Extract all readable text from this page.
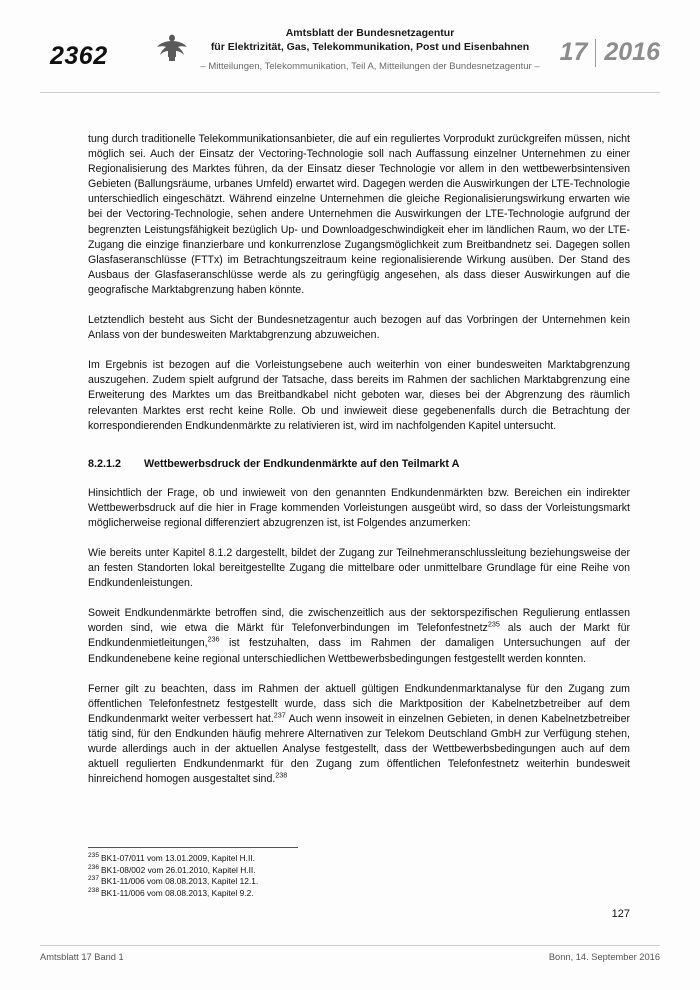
2362
Amtsblatt der Bundesnetzagentur
für Elektrizität, Gas, Telekommunikation, Post und Eisenbahnen
– Mitteilungen, Telekommunikation, Teil A, Mitteilungen der Bundesnetzagentur –
17 2016

tung durch traditionelle Telekommunikationsanbieter, die auf ein reguliertes Vorprodukt zurückgreifen müssen, nicht möglich sei. Auch der Einsatz der Vectoring-Technologie soll nach Auffassung einzelner Unternehmen zu einer Regionalisierung des Marktes führen, da der Einsatz dieser Technologie vor allem in den wettbewerbsintensiven Gebieten (Ballungsräume, urbanes Umfeld) erwartet wird. Dagegen werden die Auswirkungen der LTE-Technologie unterschiedlich eingeschätzt. Während einzelne Unternehmen die gleiche Regionalisierungswirkung erwarten wie bei der Vectoring-Technologie, sehen andere Unternehmen die Auswirkungen der LTE-Technologie aufgrund der begrenzten Leistungsfähigkeit bezüglich Up- und Downloadgeschwindigkeit eher im ländlichen Raum, wo der LTE-Zugang die einzige finanzierbare und konkurrenzlose Zugangsmöglichkeit zum Breitbandnetz sei. Dagegen sollen Glasfaseranschlüsse (FTTx) im Betrachtungszeitraum keine regionalisierende Wirkung ausüben. Der Stand des Ausbaus der Glasfaseranschlüsse werde als zu geringfügig angesehen, als dass dieser Auswirkungen auf die geografische Marktabgrenzung haben könnte.

Letztendlich besteht aus Sicht der Bundesnetzagentur auch bezogen auf das Vorbringen der Unternehmen kein Anlass von der bundesweiten Marktabgrenzung abzuweichen.

Im Ergebnis ist bezogen auf die Vorleistungsebene auch weiterhin von einer bundesweiten Marktabgrenzung auszugehen. Zudem spielt aufgrund der Tatsache, dass bereits im Rahmen der sachlichen Marktabgrenzung eine Erweiterung des Marktes um das Breitbandkabel nicht geboten war, dieses bei der Abgrenzung des räumlich relevanten Marktes erst recht keine Rolle. Ob und inwieweit diese gegebenenfalls durch die Betrachtung der korrespondierenden Endkundenmärkte zu relativieren ist, wird im nachfolgenden Kapitel untersucht.

8.2.1.2 Wettbewerbsdruck der Endkundenmärkte auf den Teilmarkt A

Hinsichtlich der Frage, ob und inwieweit von den genannten Endkundenmärkten bzw. Bereichen ein indirekter Wettbewerbsdruck auf die hier in Frage kommenden Vorleistungen ausgeübt wird, so dass der Vorleistungsmarkt möglicherweise regional differenziert abzugrenzen ist, ist Folgendes anzumerken:

Wie bereits unter Kapitel 8.1.2 dargestellt, bildet der Zugang zur Teilnehmeranschlussleitung beziehungsweise der an festen Standorten lokal bereitgestellte Zugang die mittelbare oder unmittelbare Grundlage für eine Reihe von Endkundenleistungen.

Soweit Endkundenmärkte betroffen sind, die zwischenzeitlich aus der sektorspezifischen Regulierung entlassen worden sind, wie etwa die Märkt für Telefonverbindungen im Telefonfestnetz$^{235}$ als auch der Markt für Endkundenmietleitungen,$^{236}$ ist festzuhalten, dass im Rahmen der damaligen Untersuchungen auf der Endkundenebene keine regional unterschiedlichen Wettbewerbsbedingungen festgestellt werden konnten.

Ferner gilt zu beachten, dass im Rahmen der aktuell gültigen Endkundenmarktanalyse für den Zugang zum öffentlichen Telefonfestnetz festgestellt wurde, dass sich die Marktposition der Kabelnetzbetreiber auf dem Endkundenmarkt weiter verbessert hat.$^{237}$ Auch wenn insoweit in einzelnen Gebieten, in denen Kabelnetzbetreiber tätig sind, für den Endkunden häufig mehrere Alternativen zur Telekom Deutschland GmbH zur Verfügung stehen, wurde allerdings auch in der aktuellen Analyse festgestellt, dass der Wettbewerbsbedingungen auch auf dem aktuell regulierten Endkundenmarkt für den Zugang zum öffentlichen Telefonfestnetz weiterhin bundesweit hinreichend homogen ausgestaltet sind.$^{238}$

$^{235}$ BK1-07/011 vom 13.01.2009, Kapitel H.II.
$^{236}$ BK1-08/002 vom 26.01.2010, Kapitel H.II.
$^{237}$ BK1-11/006 vom 08.08.2013, Kapitel 12.1.
$^{238}$ BK1-11/006 vom 08.08.2013, Kapitel 9.2.
127
Amtsblatt 17 Band 1	Bonn, 14. September 2016
